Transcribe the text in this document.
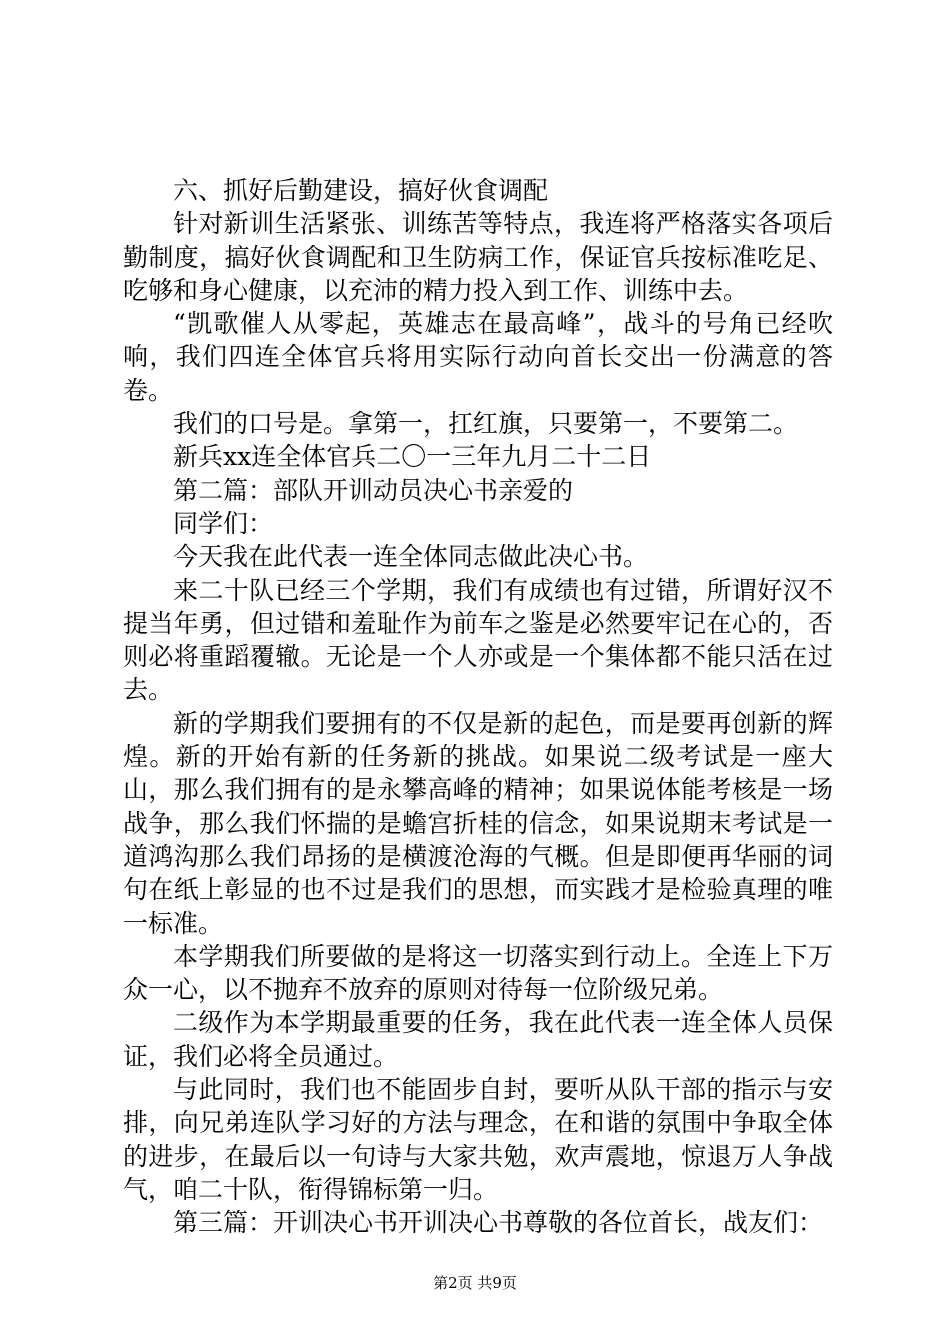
六、抓好后勤建设，搞好伙食调配

针对新训生活紧张、训练苦等特点，我连将严格落实各项后勤制度，搞好伙食调配和卫生防病工作，保证官兵按标准吃足、吃够和身心健康，以充沛的精力投入到工作、训练中去。

“凯歌催人从零起，英雄志在最高峰”，战斗的号角已经吹响，我们四连全体官兵将用实际行动向首长交出一份满意的答卷。

我们的口号是。拿第一，扛红旗，只要第一，不要第二。

新兵xx连全体官兵二〇一三年九月二十二日

第二篇：部队开训动员决心书亲爱的

同学们：

今天我在此代表一连全体同志做此决心书。

来二十队已经三个学期，我们有成绩也有过错，所谓好汉不提当年勇，但过错和羞耻作为前车之鉴是必然要牢记在心的，否则必将重蹈覆辙。无论是一个人亦或是一个集体都不能只活在过去。

新的学期我们要拥有的不仅是新的起色，而是要再创新的辉煌。新的开始有新的任务新的挑战。如果说二级考试是一座大山，那么我们拥有的是永攀高峰的精神；如果说体能考核是一场战争，那么我们怀揣的是蟾宫折桂的信念，如果说期末考试是一道鸿沟那么我们昂扬的是横渡沧海的气概。但是即便再华丽的词句在纸上彰显的也不过是我们的思想，而实践才是检验真理的唯一标准。

本学期我们所要做的是将这一切落实到行动上。全连上下万众一心，以不抛弃不放弃的原则对待每一位阶级兄弟。

二级作为本学期最重要的任务，我在此代表一连全体人员保证，我们必将全员通过。

与此同时，我们也不能固步自封，要听从队干部的指示与安排，向兄弟连队学习好的方法与理念，在和谐的氛围中争取全体的进步，在最后以一句诗与大家共勉，欢声震地，惊退万人争战气，咱二十队，衔得锦标第一归。

第三篇：开训决心书开训决心书尊敬的各位首长，战友们：

第2页 共9页
